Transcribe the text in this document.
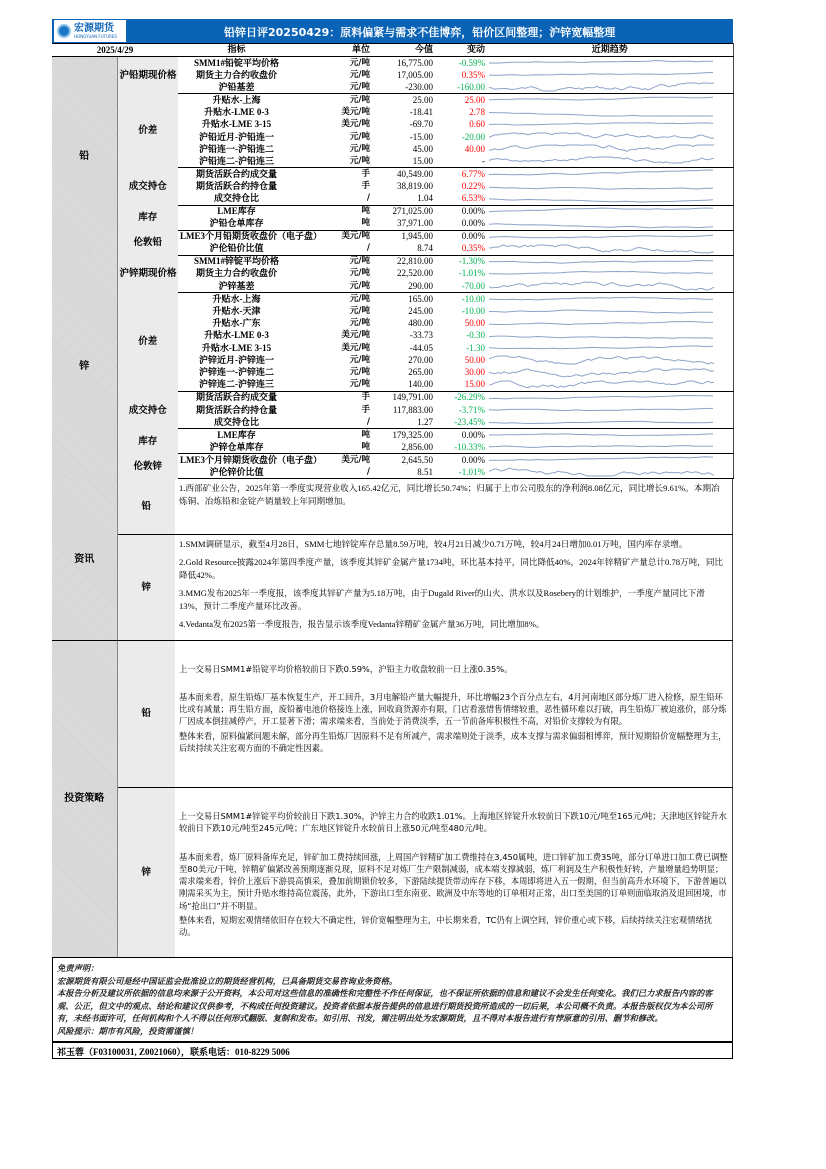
宏源期货
HONGYUAN FUTURES	铅锌日评20250429：原料偏紧与需求不佳博弈，铅价区间整理；沪锌宽幅整理
2025/4/29		指标	单位	今值	变动	近期趋势
铅	沪铅期现价格	SMM1#铅锭平均价格	元/吨	16,775.00	-0.59%	

		期货主力合约收盘价	元/吨	17,005.00	0.35%	

		沪铅基差	元/吨	-230.00	-160.00	

	价差	升贴水-上海	元/吨	25.00	25.00	

		升贴水-LME 0-3	美元/吨	-18.41	2.78	

		升贴水-LME 3-15	美元/吨	-69.70	0.60	

		沪铅近月-沪铅连一	元/吨	-15.00	-20.00	

		沪铅连一-沪铅连二	元/吨	45.00	40.00	

		沪铅连二-沪铅连三	元/吨	15.00	-	

	成交持仓	期货活跃合约成交量	手	40,549.00	6.77%	

		期货活跃合约持仓量	手	38,819.00	0.22%	

		成交持仓比	/	1.04	6.53%	

	库存	LME库存	吨	271,025.00	0.00%	

		沪铅仓单库存	吨	37,971.00	0.00%	

	伦敦铅	LME3个月铅期货收盘价（电子盘）	美元/吨	1,945.00	0.00%	

		沪伦铅价比值	/	8.74	0.35%	

锌	沪锌期现价格	SMM1#锌锭平均价格	元/吨	22,810.00	-1.30%	

		期货主力合约收盘价	元/吨	22,520.00	-1.01%	

		沪锌基差	元/吨	290.00	-70.00	

	价差	升贴水-上海	元/吨	165.00	-10.00	

		升贴水-天津	元/吨	245.00	-10.00	

		升贴水-广东	元/吨	480.00	50.00	

		升贴水-LME 0-3	美元/吨	-33.73	-0.30	

		升贴水-LME 3-15	美元/吨	-44.05	-1.30	

		沪锌近月-沪锌连一	元/吨	270.00	50.00	

		沪锌连一-沪锌连二	元/吨	265.00	30.00	

		沪锌连二-沪锌连三	元/吨	140.00	15.00	

	成交持仓	期货活跃合约成交量	手	149,791.00	-26.29%	

		期货活跃合约持仓量	手	117,883.00	-3.71%	

		成交持仓比	/	1.27	-23.45%	

	库存	LME库存	吨	179,325.00	0.00%	

		沪锌仓单库存	吨	2,856.00	-10.33%	

	伦敦锌	LME3个月锌期货收盘价（电子盘）	美元/吨	2,645.50	0.00%	

		沪伦锌价比值	/	8.51	-1.01%	
资讯	铅	1.西部矿业公告，2025年第一季度实现营业收入165.42亿元，同比增长50.74%；归属于上市公司股东的净利润8.08亿元，同比增长9.61%。本期冶炼铜、冶炼铅和金锭产销量较上年同期增加。

	锌	1.SMM调研显示，截至4月28日，SMM七地锌锭库存总量8.59万吨，较4月21日减少0.71万吨，较4月24日增加0.01万吨，国内库存录增。

2.Gold Resource披露2024年第四季度产量，该季度其锌矿金属产量1734吨，环比基本持平，同比降低40%，2024年锌精矿产量总计0.78万吨，同比降低42%。

3.MMG发布2025年一季度报，该季度其锌矿产量为5.18万吨，由于Dugald River的山火、洪水以及Rosebery的计划维护，一季度产量同比下滑13%，预计二季度产量环比改善。

4.Vedanta发布2025第一季度报告，报告显示该季度Vedanta锌精矿金属产量36万吨，同比增加8%。

投资策略	铅	上一交易日SMM1#铅锭平均价格较前日下跌0.59%，沪铅主力收盘较前一日上涨0.35%。

基本面来看，原生铅炼厂基本恢复生产，开工回升，3月电解铅产量大幅提升，环比增幅23个百分点左右，4月河南地区部分炼厂进入检修，原生铅环比或有减量；再生铅方面，废铅蓄电池价格接连上涨，回收商货源亦有限，门店看涨惜售情绪较重，恶性循环难以打破，再生铅炼厂被迫涨价，部分炼厂因成本倒挂减停产，开工显著下滑；需求端来看，当前处于消费淡季，五一节前备库积极性不高，对铅价支撑较为有限。

整体来看，原料偏紧问题未解，部分再生铅炼厂因原料不足有所减产，需求端则处于淡季，成本支撑与需求偏弱相博弈，预计短期铅价宽幅整理为主，后续持续关注宏观方面的不确定性因素。

	锌	上一交易日SMM1#锌锭平均价较前日下跌1.30%，沪锌主力合约收跌1.01%。上海地区锌锭升水较前日下跌10元/吨至165元/吨；天津地区锌锭升水较前日下跌10元/吨至245元/吨；广东地区锌锭升水较前日上涨50元/吨至480元/吨。

基本面来看，炼厂原料备库充足，锌矿加工费持续回涨，上周国产锌精矿加工费维持在3,450属吨，进口锌矿加工费35吨，部分订单进口加工费已调整至80美元/干吨，锌精矿偏紧改善预期逐渐兑现，原料不足对炼厂生产限制减弱，成本端支撑减弱，炼厂利润及生产积极性好转，产量增量趋势明显；需求端来看，锌价上涨后下游畏高慎采，叠加前期锁价较多，下游陆续提货带动库存下移，本周即将进入五一假期，但当前高升水环境下，下游普遍以刚需采买为主，预计升贴水维持高位震荡，此外，下游出口至东南亚、欧洲及中东等地的订单相对正常，出口至美国的订单则面临取消及退回困境，市场“抢出口”并不明显。

整体来看，短期宏观情绪依旧存在较大不确定性，锌价宽幅整理为主，中长期来看，TC仍有上调空间，锌价重心或下移，后续持续关注宏观情绪扰动。

免责声明：

宏源期货有限公司是经中国证监会批准设立的期货经营机构，已具备期货交易咨询业务资格。

本报告分析及建议所依据的信息均来源于公开资料，本公司对这些信息的准确性和完整性不作任何保证，也不保证所依据的信息和建议不会发生任何变化。我们已力求报告内容的客观、公正，但文中的观点、结论和建议仅供参考，不构成任何投资建议。投资者依据本报告提供的信息进行期货投资所造成的一切后果，本公司概不负责。本报告版权仅为本公司所有，未经书面许可，任何机构和个人不得以任何形式翻版、复制和发布。如引用、刊发，需注明出处为宏源期货，且不得对本报告进行有悖原意的引用、删节和修改。

风险提示：期市有风险，投资需谨慎！

祁玉蓉（F03100031, Z0021060），联系电话：010-8229 5006
